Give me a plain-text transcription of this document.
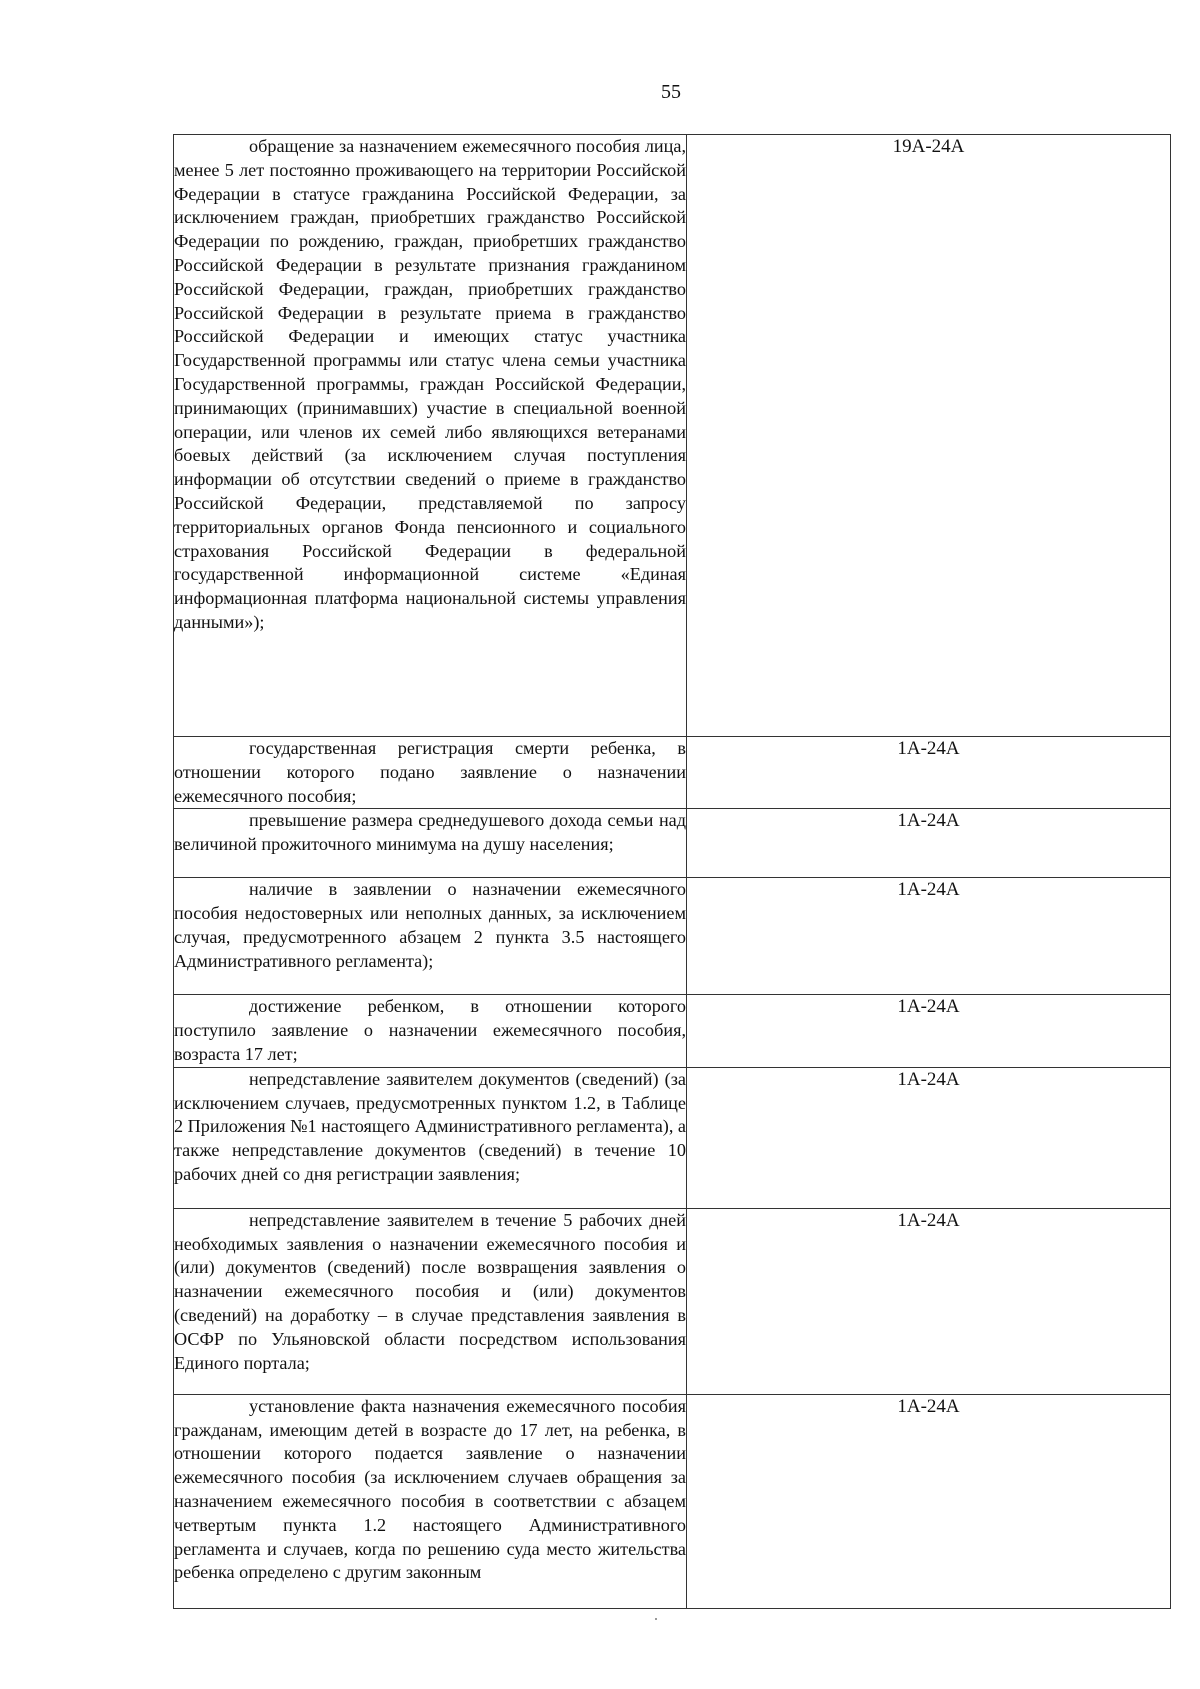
55

обращение за назначением ежемесячного пособия лица, менее 5 лет постоянно проживающего на территории Российской Федерации в статусе гражданина Российской Федерации, за исключением граждан, приобретших гражданство Российской Федерации по рождению, граждан, приобретших гражданство Российской Федерации в результате признания гражданином Российской Федерации, граждан, приобретших гражданство Российской Федерации в результате приема в гражданство Российской Федерации и имеющих статус участника Государственной программы или статус члена семьи участника Государственной программы, граждан Российской Федерации, принимающих (принимавших) участие в специальной военной операции, или членов их семей либо являющихся ветеранами боевых действий (за исключением случая поступления информации об отсутствии сведений о приеме в гражданство Российской Федерации, представляемой по запросу территориальных органов Фонда пенсионного и социального страхования Российской Федерации в федеральной государственной информационной системе «Единая информационная платформа национальной системы управления данными»);	19А-24А

государственная регистрация смерти ребенка, в отношении которого подано заявление о назначении ежемесячного пособия;	1А-24А

превышение размера среднедушевого дохода семьи над величиной прожиточного минимума на душу населения;	1А-24А

наличие в заявлении о назначении ежемесячного пособия недостоверных или неполных данных, за исключением случая, предусмотренного абзацем 2 пункта 3.5 настоящего Административного регламента);	1А-24А

достижение ребенком, в отношении которого поступило заявление о назначении ежемесячного пособия, возраста 17 лет;	1А-24А

непредставление заявителем документов (сведений) (за исключением случаев, предусмотренных пунктом 1.2, в Таблице 2 Приложения №1 настоящего Административного регламента), а также непредставление документов (сведений) в течение 10 рабочих дней со дня регистрации заявления;	1А-24А

непредставление заявителем в течение 5 рабочих дней необходимых заявления о назначении ежемесячного пособия и (или) документов (сведений) после возвращения заявления о назначении ежемесячного пособия и (или) документов (сведений) на доработку – в случае представления заявления в ОСФР по Ульяновской области посредством использования Единого портала;	1А-24А

установление факта назначения ежемесячного пособия гражданам, имеющим детей в возрасте до 17 лет, на ребенка, в отношении которого подается заявление о назначении ежемесячного пособия (за исключением случаев обращения за назначением ежемесячного пособия в соответствии с абзацем четвертым пункта 1.2 настоящего Административного регламента и случаев, когда по решению суда место жительства ребенка определено с другим законным	1А-24А
